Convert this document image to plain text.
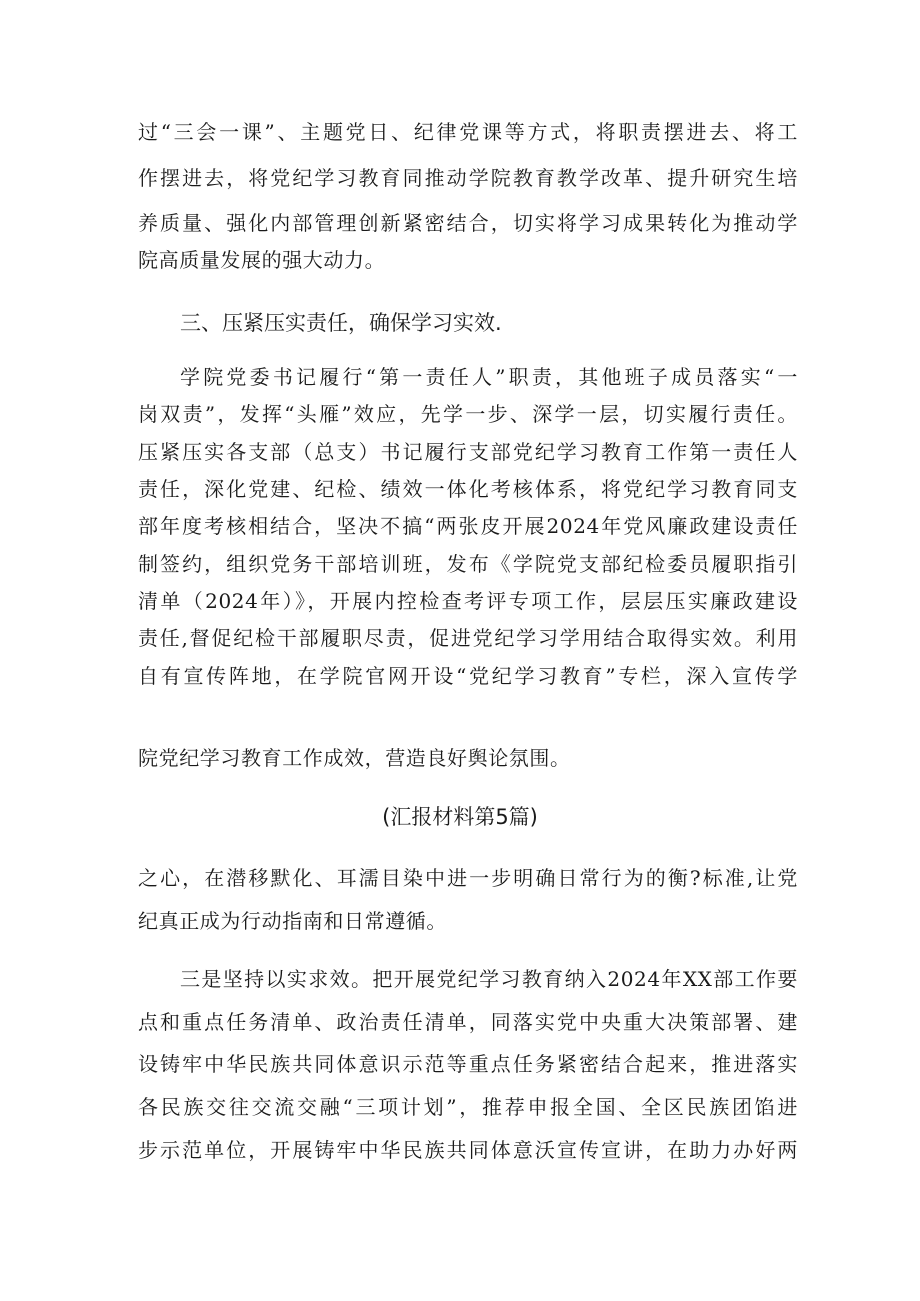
过“三会一课”、主题党日、纪律党课等方式，将职责摆进去、将工
作摆进去，将党纪学习教育同推动学院教育教学改革、提升研究生培
养质量、强化内部管理创新紧密结合，切实将学习成果转化为推动学
院高质量发展的强大动力。
三、压紧压实责任，确保学习实效.
学院党委书记履行“第一责任人”职责，其他班子成员落实“一
岗双责”，发挥“头雁”效应，先学一步、深学一层，切实履行责任。
压紧压实各支部（总支）书记履行支部党纪学习教育工作第一责任人
责任，深化党建、纪检、绩效一体化考核体系，将党纪学习教育同支
部年度考核相结合，坚决不搞“两张皮开展2024年党风廉政建设责任
制签约，组织党务干部培训班，发布《学院党支部纪检委员履职指引
清单（2024年）》，开展内控检查考评专项工作，层层压实廉政建设
责任,督促纪检干部履职尽责，促进党纪学习学用结合取得实效。利用
自有宣传阵地，在学院官网开设“党纪学习教育”专栏，深入宣传学
院党纪学习教育工作成效，营造良好舆论氛围。
(汇报材料第5篇)
之心，在潜移默化、耳濡目染中进一步明确日常行为的衡?标准,让党
纪真正成为行动指南和日常遵循。
三是坚持以实求效。把开展党纪学习教育纳入2024年XX部工作要
点和重点任务清单、政治责任清单，同落实党中央重大决策部署、建
设铸牢中华民族共同体意识示范等重点任务紧密结合起来，推进落实
各民族交往交流交融“三项计划”，推荐申报全国、全区民族团馅进
步示范单位，开展铸牢中华民族共同体意沃宣传宣讲，在助力办好两
